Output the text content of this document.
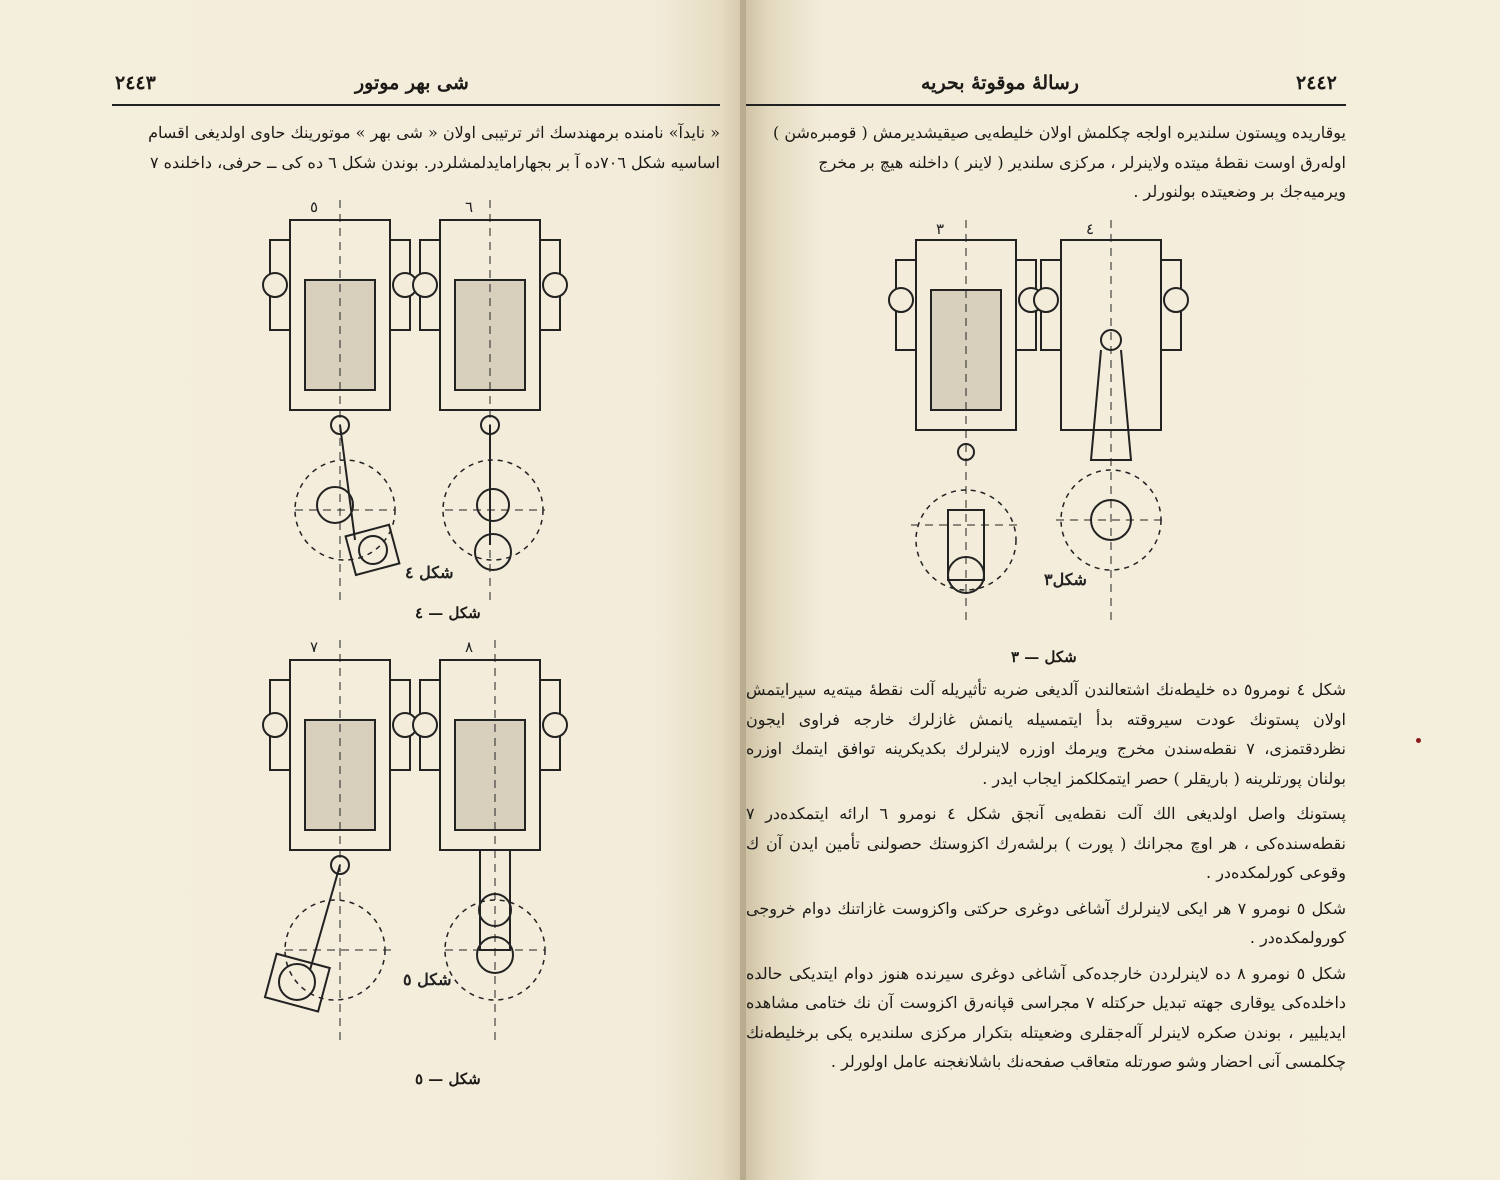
٢٤٤٣	شی بهر موتور

« نايدآ» نامنده برمهندسك اثر ترتيبى اولان « شى بهر » موتورينك حاوى اولديغى اقسام

اساسيه شكل ٧٠٦ده آ بر بجهارامايدلمشلردر. بوندن شكل ٦ ده كى ــ حرفى، داخلنده ٧

٥	٦
شكل ٤
شكل — ٤
٧	٨
شكل ٥
شكل — ٥
رسالهٔ موقوتهٔ بحريه	٢٤٤٢

يوقاريده وپستون سلنديره اولجه چكلمش اولان خليطه‌يى صيقيشديرمش ( قومبره‌شن )

اوله‌رق اوست نقطهٔ ميتده ولاينرلر ، مركزى سلندير ( لاينر ) داخلنه هيچ بر مخرج

ويرميه‌جك بر وضعيتده بولنورلر .

٣	٤
شكل٣
شكل — ٣

شكل ٤ نومرو٥ ده خليطه‌نك اشتعالندن آلديغى ضربه تأثيريله آلت نقطهٔ ميته‌يه سيرايتمش اولان پستونك عودت سيروقته بدأ ايتمسيله يانمش غازلرك خارجه فراوى ايجون نظردقتمزى، ٧ نقطه‌سندن مخرج ويرمك اوزره لاينرلرك بكديكرينه توافق ايتمك اوزره بولنان پورتلرينه ( باريقلر ) حصر ايتمكلكمز ايجاب ايدر .

پستونك واصل اولديغى الك آلت نقطه‌يى آنجق شكل ٤ نومرو ٦ ارائه ايتمكده‌در ٧ نقطه‌سنده‌كى ، هر اوچ مجرانك ( پورت ) برلشه‌رك اكزوستك حصولنى تأمين ايدن آن ك وقوعى كورلمكده‌در .

شكل ٥ نومرو ٧ هر ايكى لاينرلرك آشاغى دوغرى حركتى واكزوست غازاتنك دوام خروجى كورولمكده‌در .

شكل ٥ نومرو ٨ ده لاينرلردن خارجده‌كى آشاغى دوغرى سيرنده هنوز دوام ايتديكى حالده داخلده‌كى يوقارى جهته تبديل حركتله ٧ مجراسى قپانه‌رق اكزوست آن نك ختامى مشاهده ايديليير ، بوندن صكره لاينرلر آله‌جقلرى وضعيتله بتكرار مركزى سلنديره يكى برخليطه‌نك چكلمسى آنى احضار وشو صورتله متعاقب صفحه‌نك باشلانغجنه عامل اولورلر .
